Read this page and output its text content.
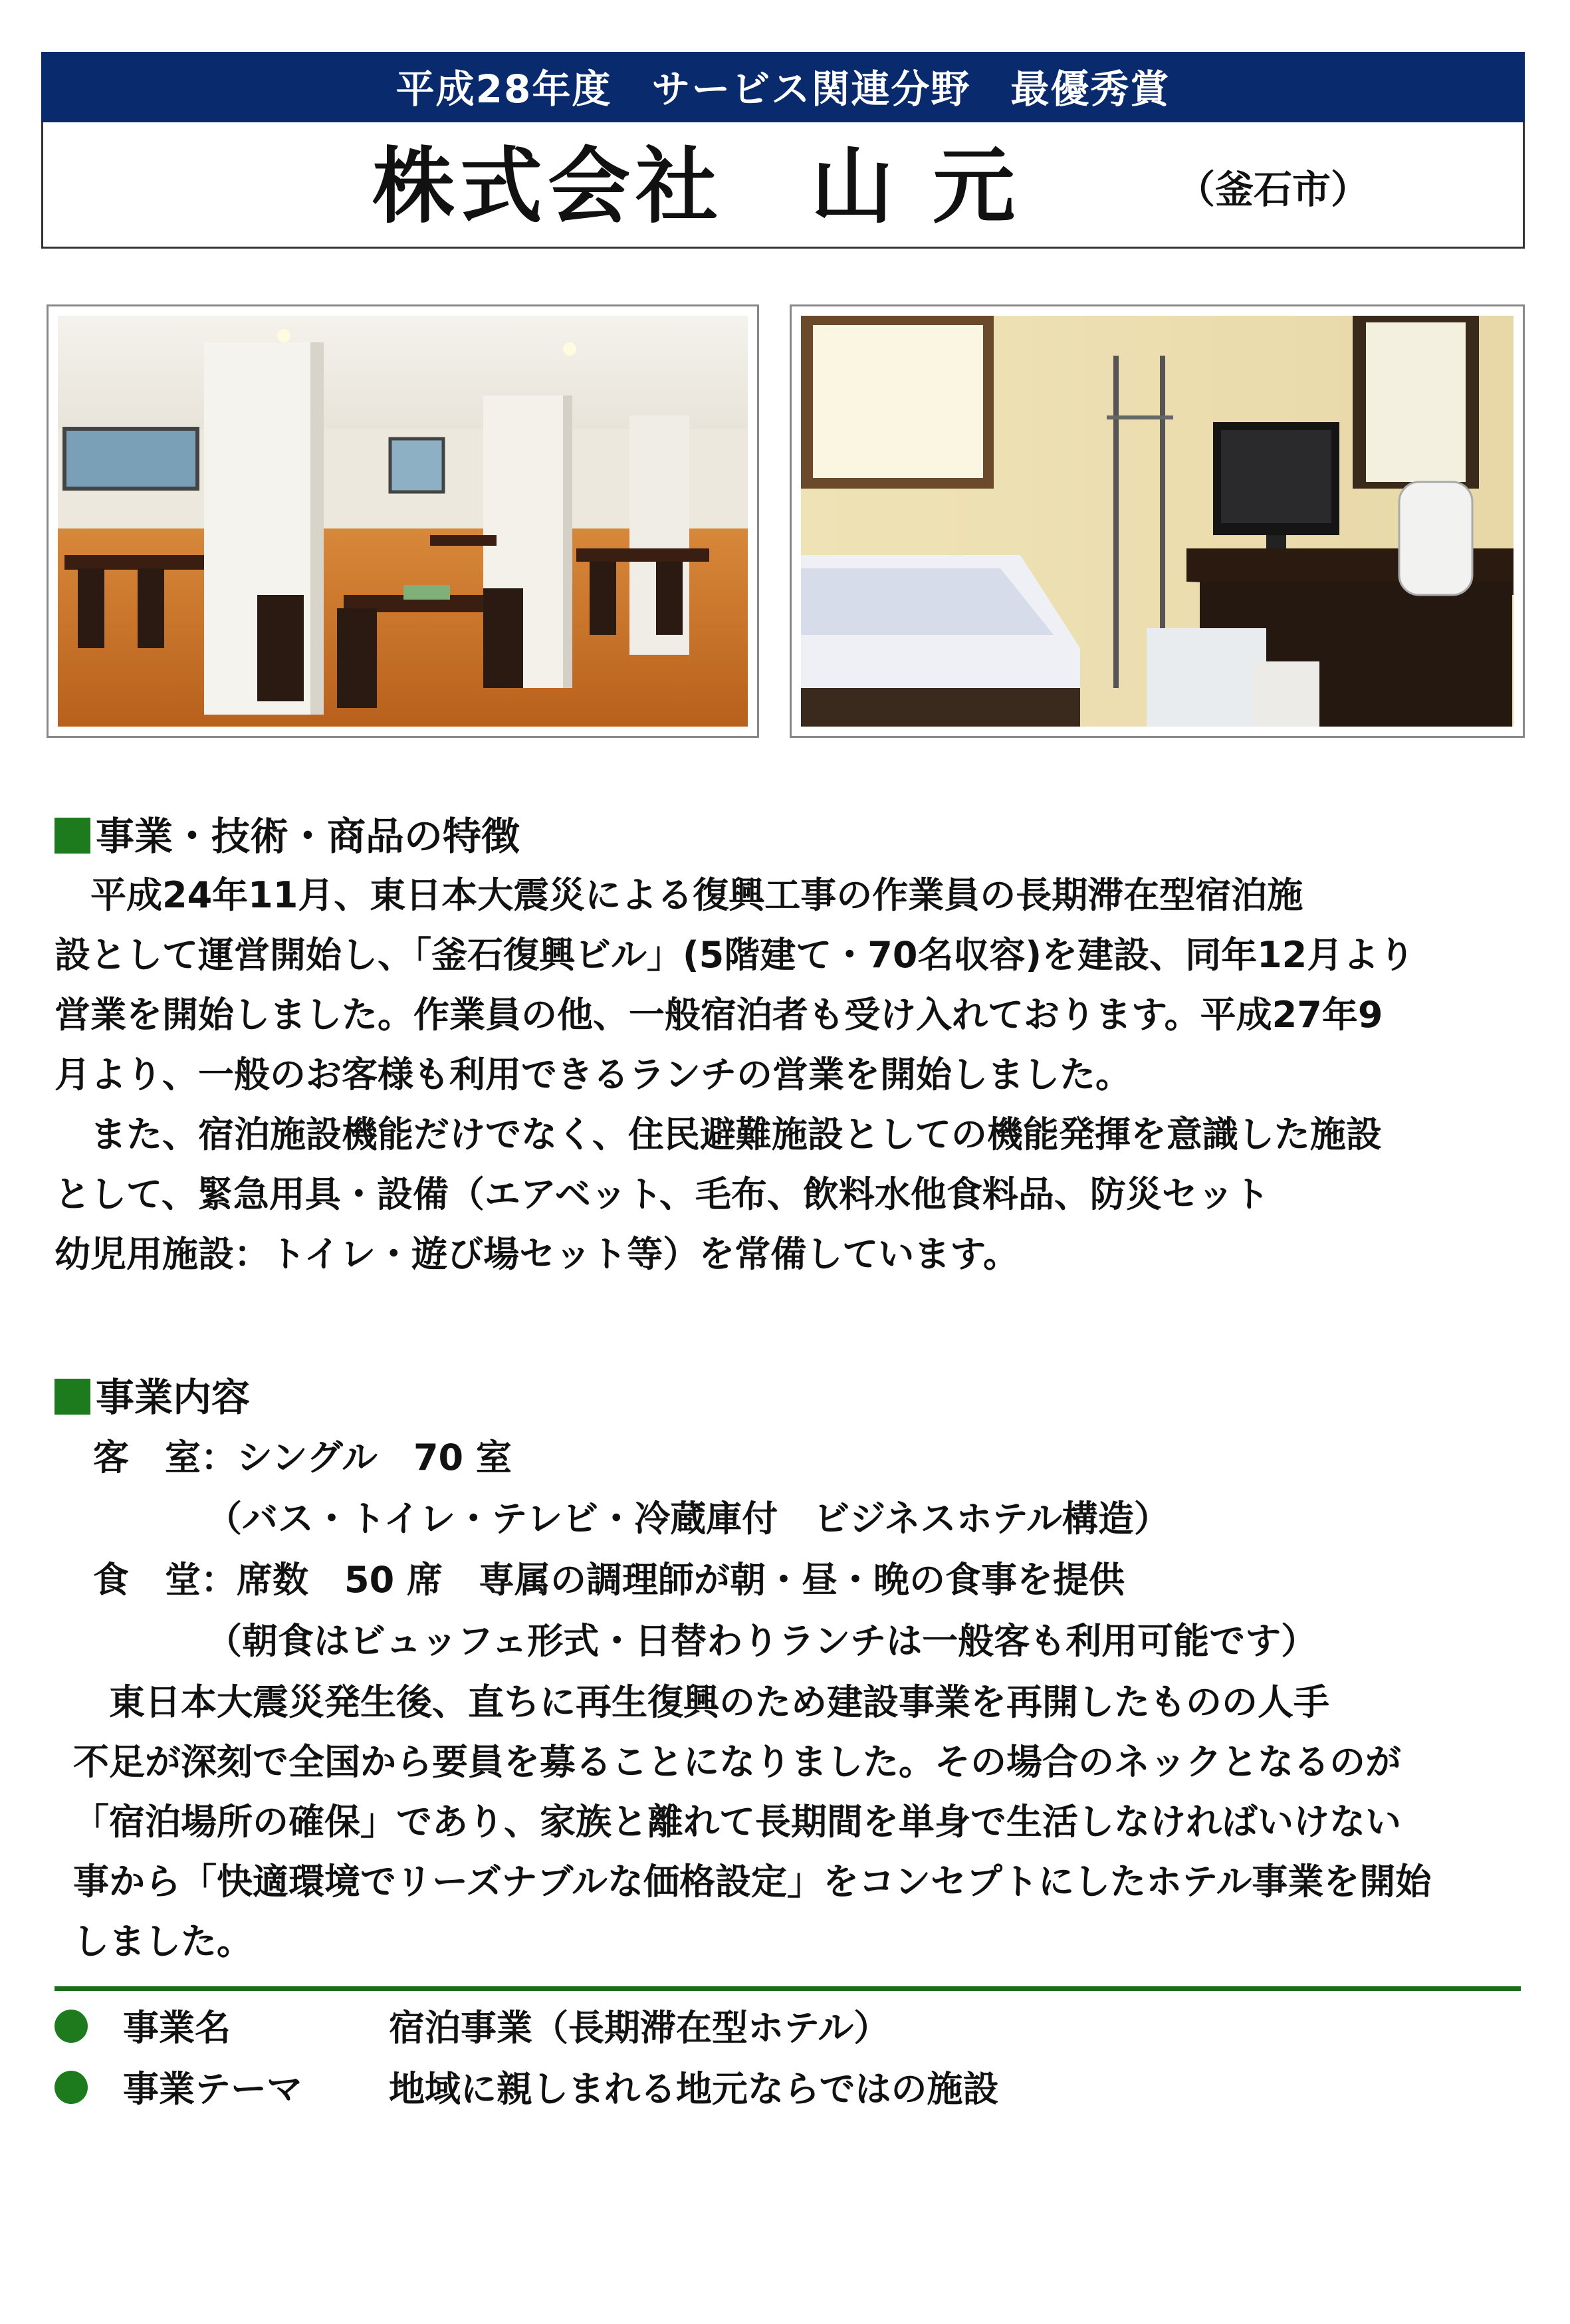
平成28年度　サービス関連分野　最優秀賞
株式会社　山 元	（釜石市）
事業・技術・商品の特徴
　平成24年11月、東日本大震災による復興工事の作業員の長期滞在型宿泊施
設として運営開始し、「釜石復興ビル」(5階建て・70名収容)を建設、同年12月より
営業を開始しました。作業員の他、一般宿泊者も受け入れております。平成27年9
月より、一般のお客様も利用できるランチの営業を開始しました。
　また、宿泊施設機能だけでなく、住民避難施設としての機能発揮を意識した施設
として、緊急用具・設備（エアベット、毛布、飲料水他食料品、防災セット
幼児用施設：トイレ・遊び場セット等）を常備しています。
事業内容
客　室：シングル　70 室
（バス・トイレ・テレビ・冷蔵庫付　ビジネスホテル構造）
食　堂：席数　50 席　専属の調理師が朝・昼・晩の食事を提供
（朝食はビュッフェ形式・日替わりランチは一般客も利用可能です）
　東日本大震災発生後、直ちに再生復興のため建設事業を再開したものの人手
不足が深刻で全国から要員を募ることになりました。その場合のネックとなるのが
「宿泊場所の確保」であり、家族と離れて長期間を単身で生活しなければいけない
事から「快適環境でリーズナブルな価格設定」をコンセプトにしたホテル事業を開始
しました。

事業名	宿泊事業（長期滞在型ホテル）
事業テーマ 地域に親しまれる地元ならではの施設
